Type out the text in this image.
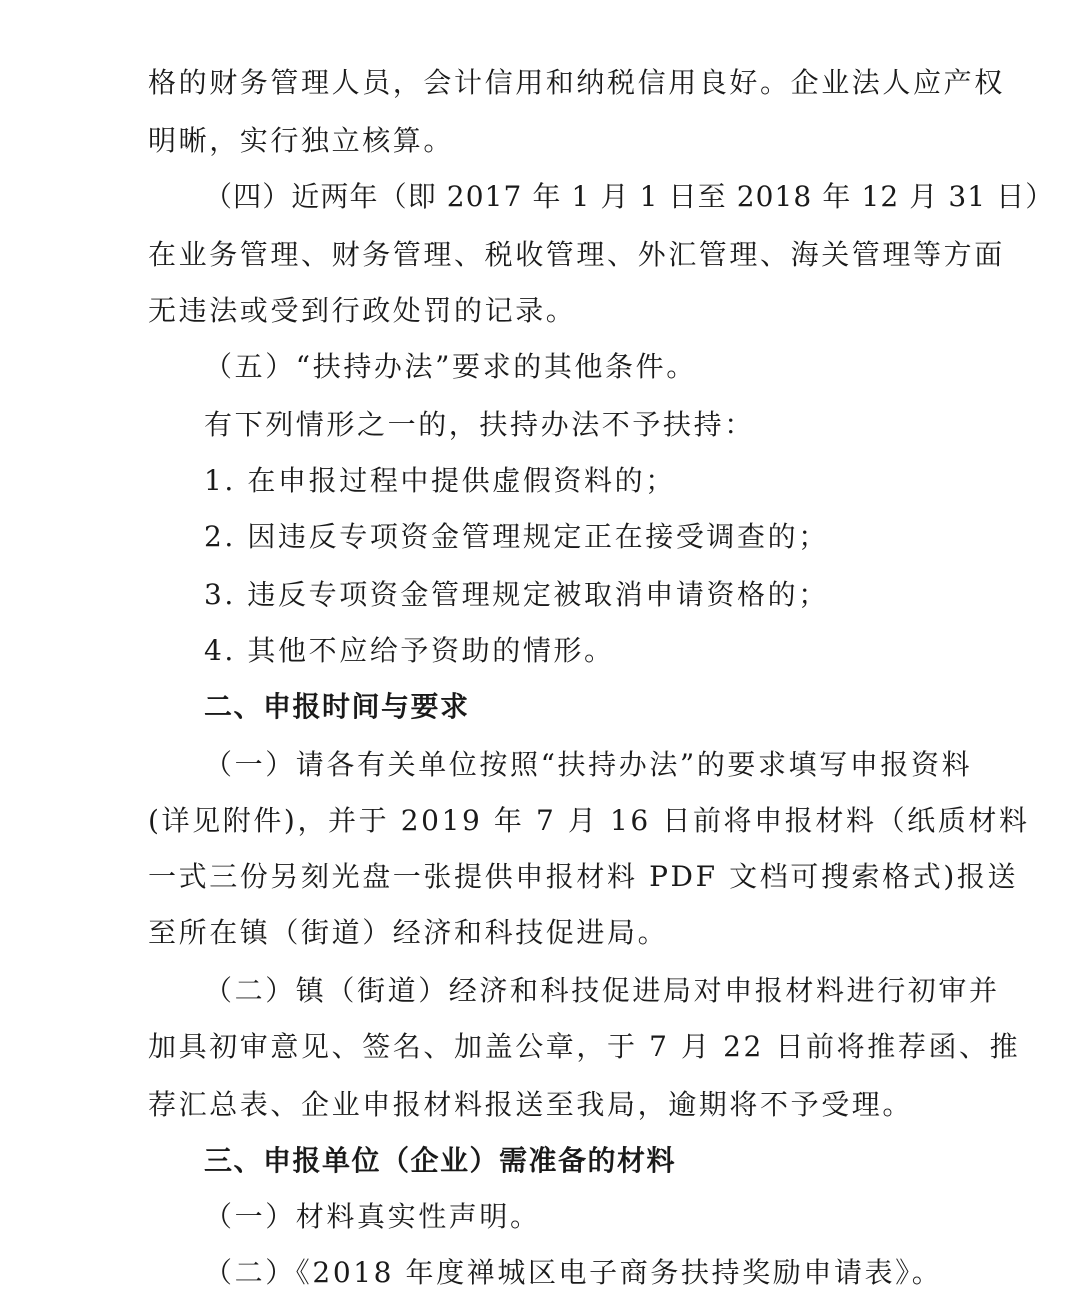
格的财务管理人员，会计信用和纳税信用良好。企业法人应产权
明晰，实行独立核算。
（四）近两年（即 2017 年 1 月 1 日至 2018 年 12 月 31 日）
在业务管理、财务管理、税收管理、外汇管理、海关管理等方面
无违法或受到行政处罚的记录。
（五）“扶持办法”要求的其他条件。
有下列情形之一的，扶持办法不予扶持：
1. 在申报过程中提供虚假资料的；
2. 因违反专项资金管理规定正在接受调查的；
3. 违反专项资金管理规定被取消申请资格的；
4. 其他不应给予资助的情形。
二、申报时间与要求
（一）请各有关单位按照“扶持办法”的要求填写申报资料
(详见附件)，并于 2019 年 7 月 16 日前将申报材料（纸质材料
一式三份另刻光盘一张提供申报材料 PDF 文档可搜索格式)报送
至所在镇（街道）经济和科技促进局。
（二）镇（街道）经济和科技促进局对申报材料进行初审并
加具初审意见、签名、加盖公章，于 7 月 22 日前将推荐函、推
荐汇总表、企业申报材料报送至我局，逾期将不予受理。
三、申报单位（企业）需准备的材料
（一）材料真实性声明。
（二）《2018 年度禅城区电子商务扶持奖励申请表》。
